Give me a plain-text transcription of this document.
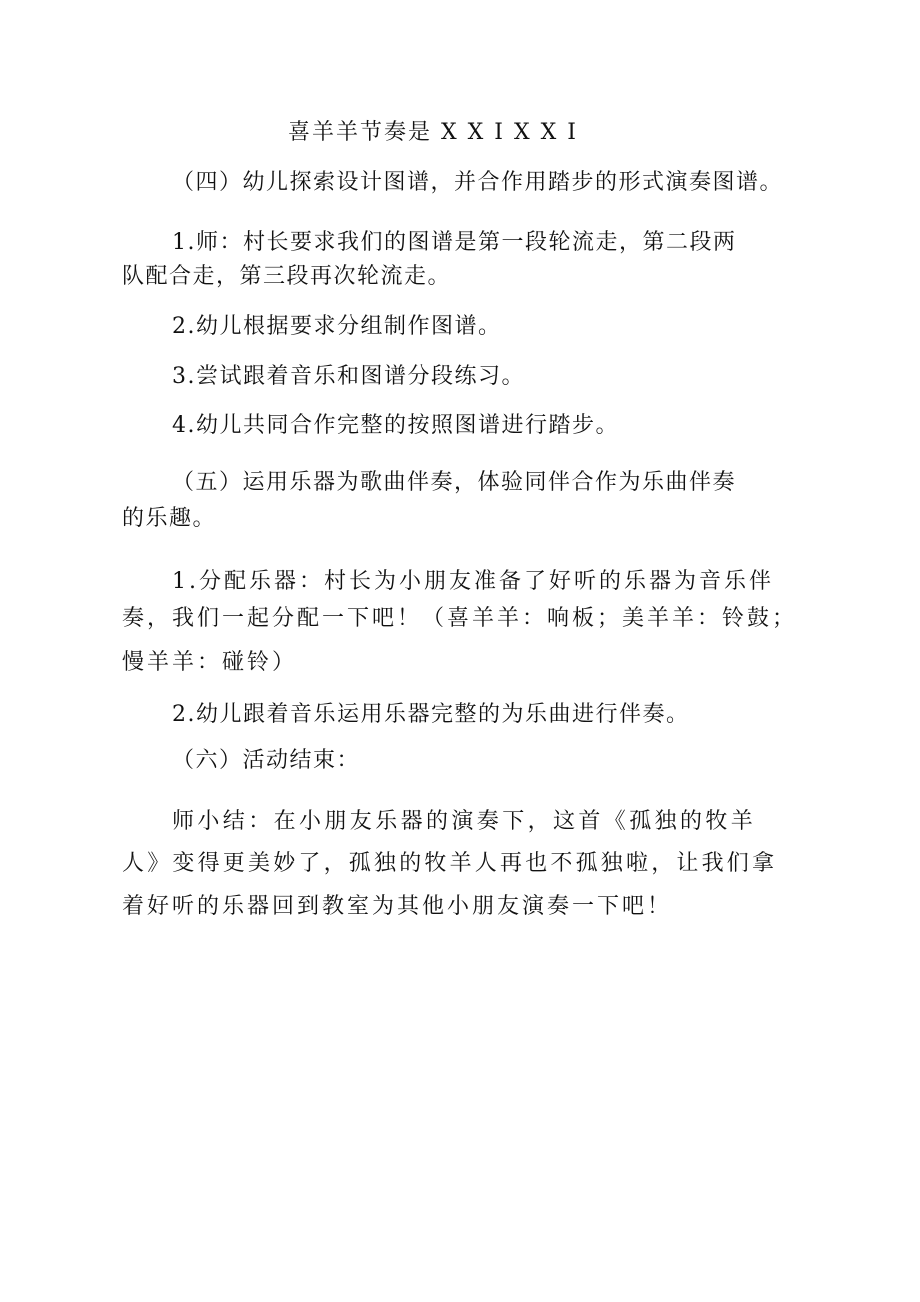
喜羊羊节奏是 X X I X X I
（四）幼儿探索设计图谱，并合作用踏步的形式演奏图谱。
1.师：村长要求我们的图谱是第一段轮流走，第二段两
队配合走，第三段再次轮流走。
2.幼儿根据要求分组制作图谱。
3.尝试跟着音乐和图谱分段练习。
4.幼儿共同合作完整的按照图谱进行踏步。
（五）运用乐器为歌曲伴奏，体验同伴合作为乐曲伴奏
的乐趣。
1.分配乐器：村长为小朋友准备了好听的乐器为音乐伴
奏，我们一起分配一下吧！（喜羊羊：响板；美羊羊：铃鼓；
慢羊羊：碰铃）
2.幼儿跟着音乐运用乐器完整的为乐曲进行伴奏。
（六）活动结束：
师小结：在小朋友乐器的演奏下，这首《孤独的牧羊
人》变得更美妙了，孤独的牧羊人再也不孤独啦，让我们拿
着好听的乐器回到教室为其他小朋友演奏一下吧！
